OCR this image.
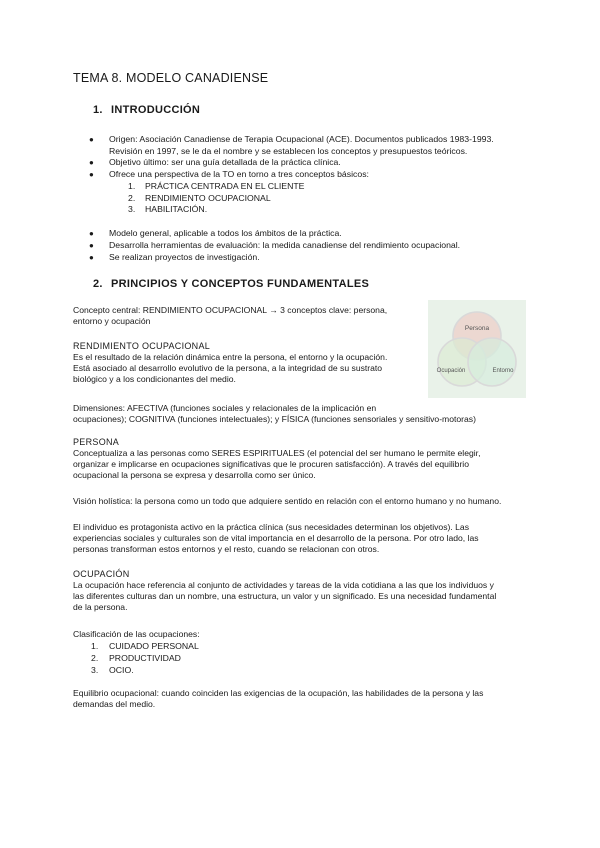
TEMA 8. MODELO CANADIENSE
1. INTRODUCCIÓN
● Origen: Asociación Canadiense de Terapia Ocupacional (ACE). Documentos publicados 1983-1993.
Revisión en 1997, se le da el nombre y se establecen los conceptos y presupuestos teóricos.
● Objetivo último: ser una guía detallada de la práctica clínica.
● Ofrece una perspectiva de la TO en torno a tres conceptos básicos:
1. PRÁCTICA CENTRADA EN EL CLIENTE
2. RENDIMIENTO OCUPACIONAL
3. HABILITACIÓN.
● Modelo general, aplicable a todos los ámbitos de la práctica.
● Desarrolla herramientas de evaluación: la medida canadiense del rendimiento ocupacional.
● Se realizan proyectos de investigación.
2. PRINCIPIOS Y CONCEPTOS FUNDAMENTALES
Concepto central: RENDIMIENTO OCUPACIONAL → 3 conceptos clave: persona,
entorno y ocupación
Persona
Ocupación	Entorno
RENDIMIENTO OCUPACIONAL
Es el resultado de la relación dinámica entre la persona, el entorno y la ocupación.
Está asociado al desarrollo evolutivo de la persona, a la integridad de su sustrato
biológico y a los condicionantes del medio.
Dimensiones: AFECTIVA (funciones sociales y relacionales de la implicación en
ocupaciones); COGNITIVA (funciones intelectuales); y FÍSICA (funciones sensoriales y sensitivo-motoras)
PERSONA
Conceptualiza a las personas como SERES ESPIRITUALES (el potencial del ser humano le permite elegir,
organizar e implicarse en ocupaciones significativas que le procuren satisfacción). A través del equilibrio
ocupacional la persona se expresa y desarrolla como ser único.
Visión holística: la persona como un todo que adquiere sentido en relación con el entorno humano y no humano.
El individuo es protagonista activo en la práctica clínica (sus necesidades determinan los objetivos). Las
experiencias sociales y culturales son de vital importancia en el desarrollo de la persona. Por otro lado, las
personas transforman estos entornos y el resto, cuando se relacionan con otros.
OCUPACIÓN
La ocupación hace referencia al conjunto de actividades y tareas de la vida cotidiana a las que los individuos y
las diferentes culturas dan un nombre, una estructura, un valor y un significado. Es una necesidad fundamental
de la persona.
Clasificación de las ocupaciones:
1. CUIDADO PERSONAL
2. PRODUCTIVIDAD
3. OCIO.
Equilibrio ocupacional: cuando coinciden las exigencias de la ocupación, las habilidades de la persona y las
demandas del medio.
